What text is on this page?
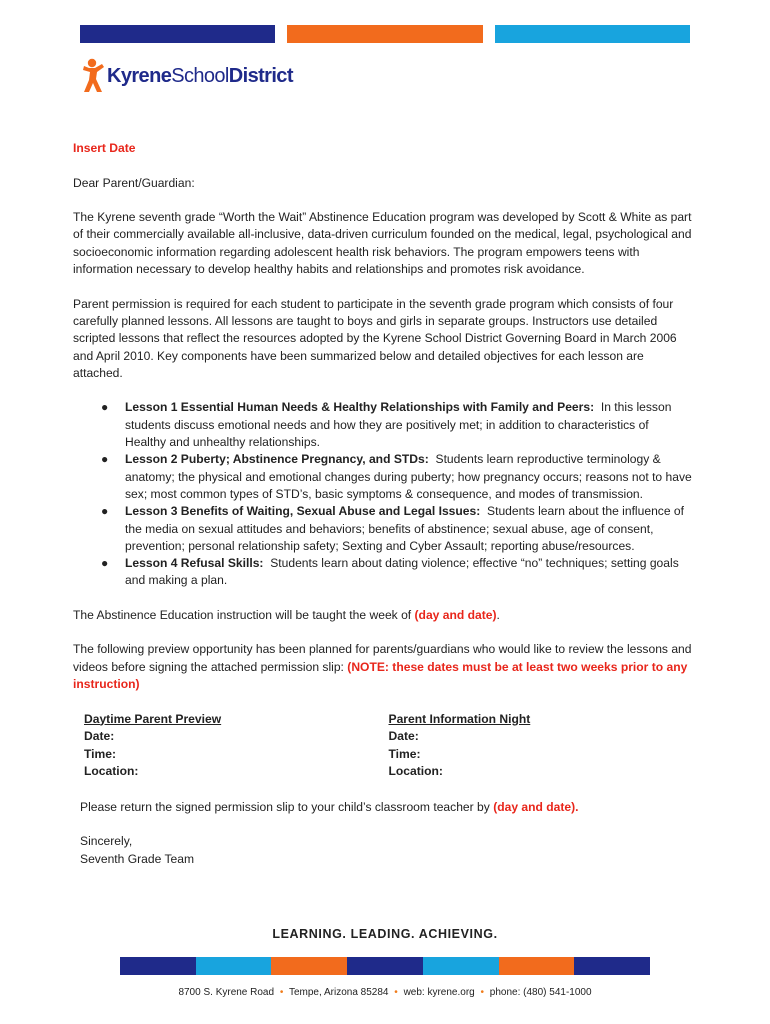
KyreneSchoolDistrict
Insert Date
Dear Parent/Guardian:
The Kyrene seventh grade “Worth the Wait” Abstinence Education program was developed by Scott & White as part of their commercially available all-inclusive, data-driven curriculum founded on the medical, legal, psychological and socioeconomic information regarding adolescent health risk behaviors. The program empowers teens with information necessary to develop healthy habits and relationships and promotes risk avoidance.
Parent permission is required for each student to participate in the seventh grade program which consists of four carefully planned lessons. All lessons are taught to boys and girls in separate groups. Instructors use detailed scripted lessons that reflect the resources adopted by the Kyrene School District Governing Board in March 2006 and April 2010. Key components have been summarized below and detailed objectives for each lesson are attached.
● Lesson 1 Essential Human Needs & Healthy Relationships with Family and Peers: In this lesson students discuss emotional needs and how they are positively met; in addition to characteristics of Healthy and unhealthy relationships.
● Lesson 2 Puberty; Abstinence Pregnancy, and STDs: Students learn reproductive terminology & anatomy; the physical and emotional changes during puberty; how pregnancy occurs; reasons not to have sex; most common types of STD’s, basic symptoms & consequence, and modes of transmission.
● Lesson 3 Benefits of Waiting, Sexual Abuse and Legal Issues: Students learn about the influence of the media on sexual attitudes and behaviors; benefits of abstinence; sexual abuse, age of consent, prevention; personal relationship safety; Sexting and Cyber Assault; reporting abuse/resources.
● Lesson 4 Refusal Skills: Students learn about dating violence; effective “no” techniques; setting goals and making a plan.
The Abstinence Education instruction will be taught the week of (day and date).
The following preview opportunity has been planned for parents/guardians who would like to review the lessons and videos before signing the attached permission slip: (NOTE: these dates must be at least two weeks prior to any instruction)
Daytime Parent Preview
Date:
Time:
Location:
Parent Information Night
Date:
Time:
Location:
Please return the signed permission slip to your child’s classroom teacher by (day and date).
Sincerely,
Seventh Grade Team
LEARNING. LEADING. ACHIEVING.
8700 S. Kyrene Road • Tempe, Arizona 85284 • web: kyrene.org • phone: (480) 541-1000
